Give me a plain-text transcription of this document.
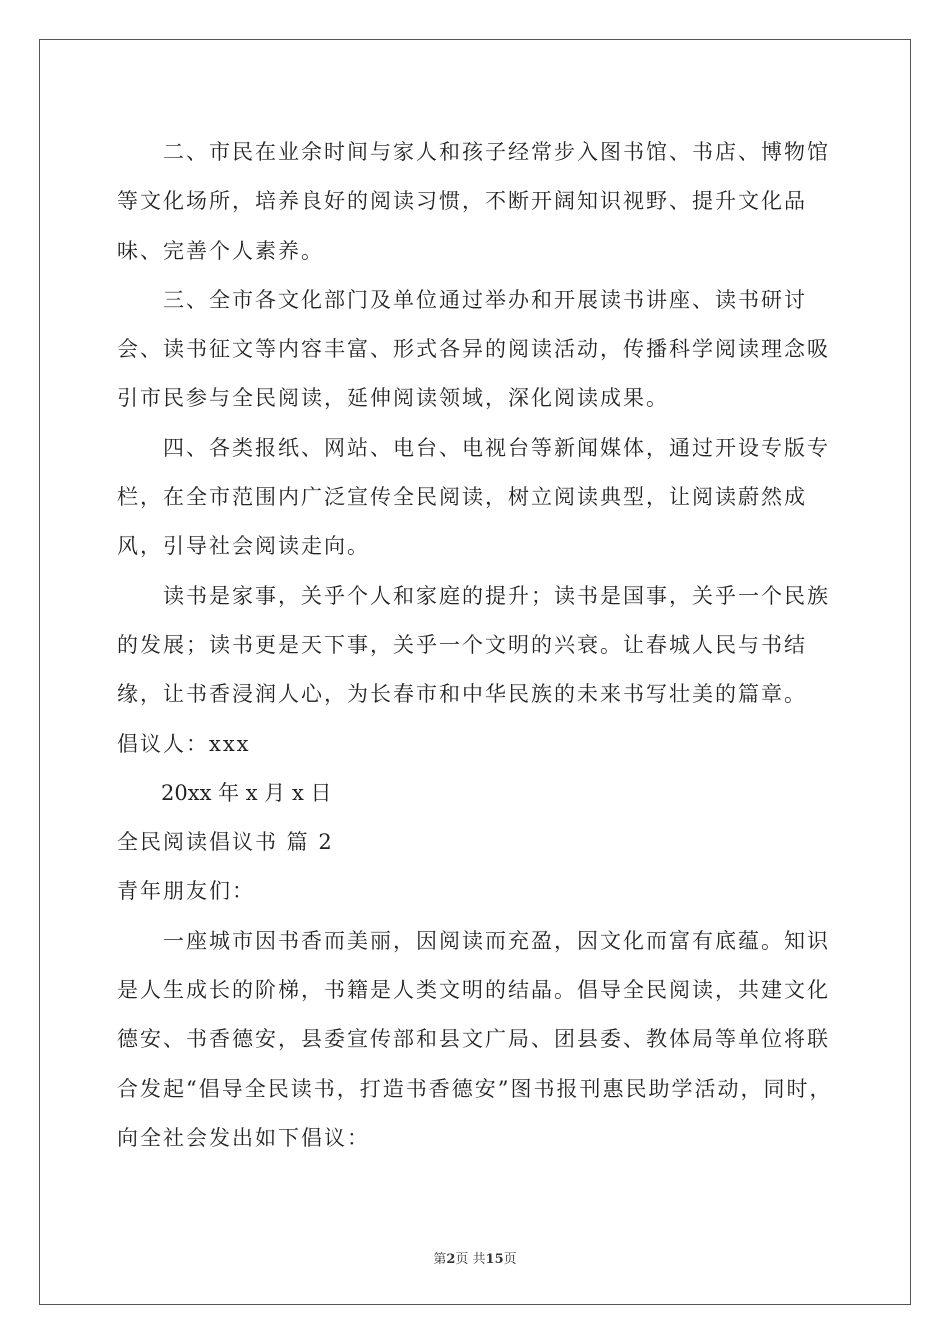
二、市民在业余时间与家人和孩子经常步入图书馆、书店、博物馆等文化场所，培养良好的阅读习惯，不断开阔知识视野、提升文化品味、完善个人素养。

三、全市各文化部门及单位通过举办和开展读书讲座、读书研讨会、读书征文等内容丰富、形式各异的阅读活动，传播科学阅读理念吸引市民参与全民阅读，延伸阅读领域，深化阅读成果。

四、各类报纸、网站、电台、电视台等新闻媒体，通过开设专版专栏，在全市范围内广泛宣传全民阅读，树立阅读典型，让阅读蔚然成风，引导社会阅读走向。

读书是家事，关乎个人和家庭的提升；读书是国事，关乎一个民族的发展；读书更是天下事，关乎一个文明的兴衰。让春城人民与书结缘，让书香浸润人心，为长春市和中华民族的未来书写壮美的篇章。

倡议人：xxx

20xx 年 x 月 x 日

全民阅读倡议书 篇 2

青年朋友们：

一座城市因书香而美丽，因阅读而充盈，因文化而富有底蕴。知识是人生成长的阶梯，书籍是人类文明的结晶。倡导全民阅读，共建文化德安、书香德安，县委宣传部和县文广局、团县委、教体局等单位将联合发起“倡导全民读书，打造书香德安”图书报刊惠民助学活动，同时，向全社会发出如下倡议：

第2页 共15页
